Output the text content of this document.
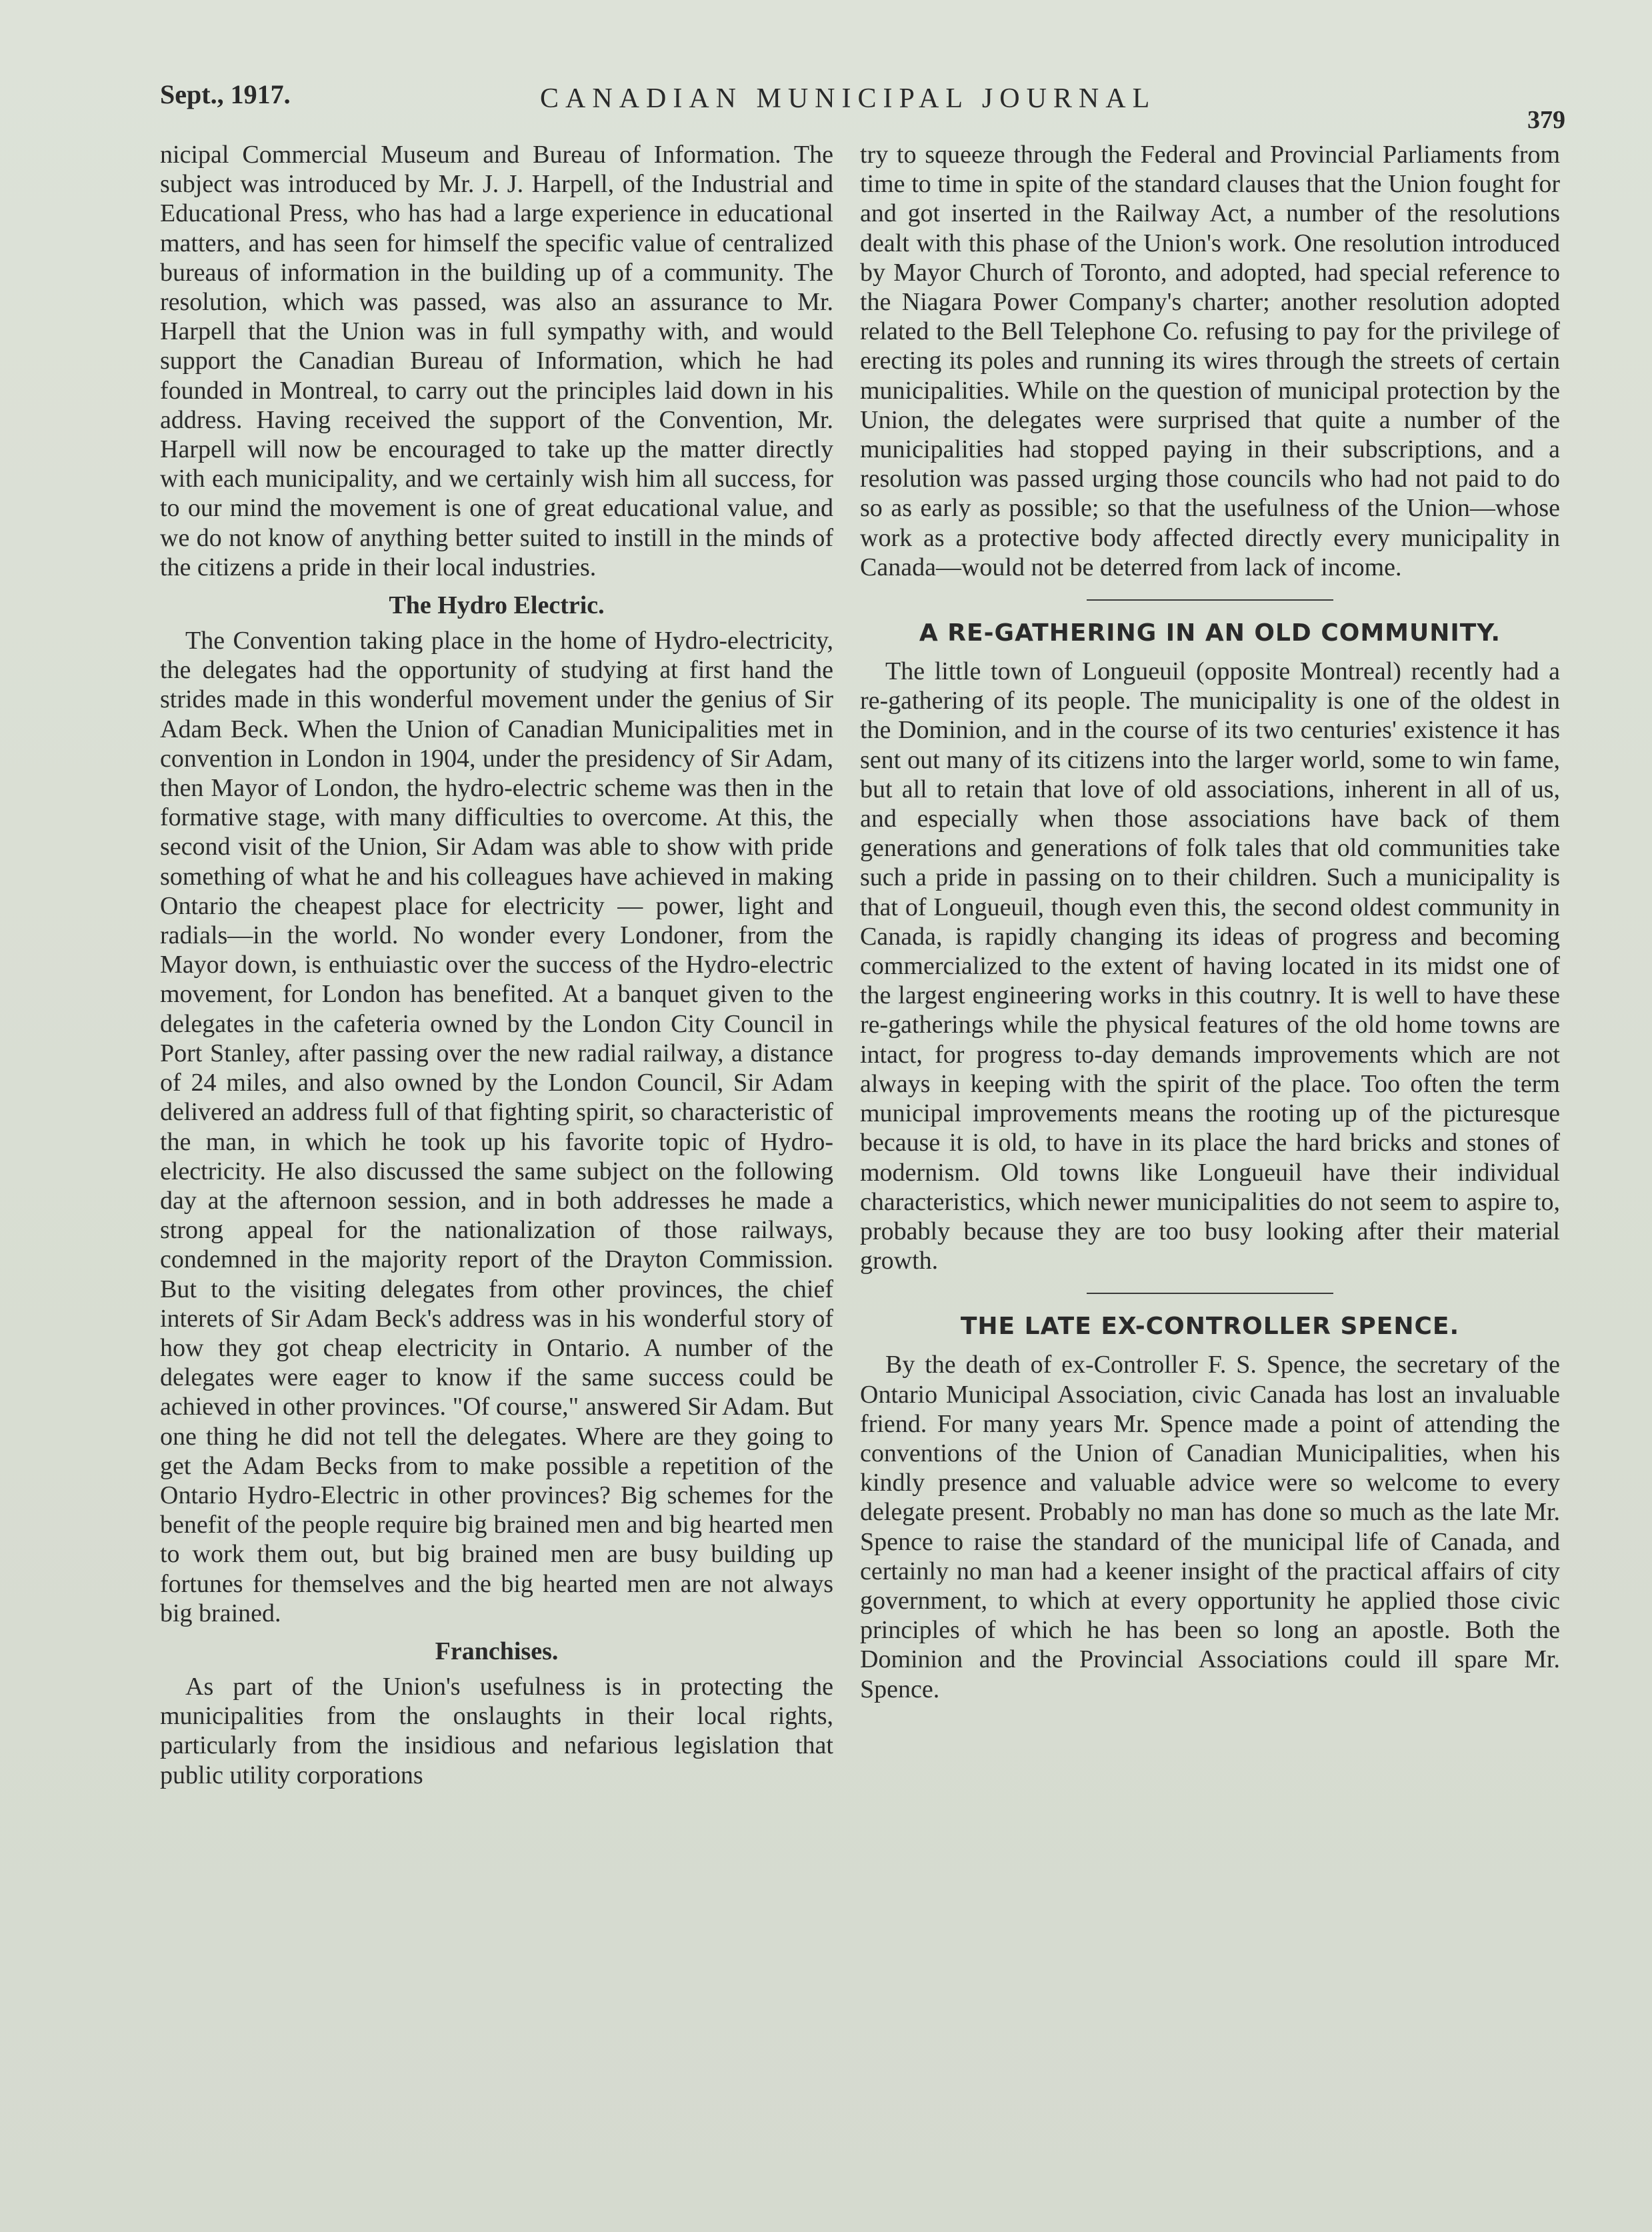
Sept., 1917.	CANADIAN MUNICIPAL JOURNAL
379

nicipal Commercial Museum and Bureau of Information. The subject was introduced by Mr. J. J. Harpell, of the Industrial and Educational Press, who has had a large experience in educational matters, and has seen for himself the specific value of centralized bureaus of information in the building up of a community. The resolution, which was passed, was also an assurance to Mr. Harpell that the Union was in full sympathy with, and would support the Canadian Bureau of Information, which he had founded in Montreal, to carry out the principles laid down in his address. Having received the support of the Convention, Mr. Harpell will now be encouraged to take up the matter directly with each municipality, and we certainly wish him all success, for to our mind the movement is one of great educational value, and we do not know of anything better suited to instill in the minds of the citizens a pride in their local industries.

The Hydro Electric.

The Convention taking place in the home of Hydro-electricity, the delegates had the opportunity of studying at first hand the strides made in this wonderful movement under the genius of Sir Adam Beck. When the Union of Canadian Municipalities met in convention in London in 1904, under the presidency of Sir Adam, then Mayor of London, the hydro-electric scheme was then in the formative stage, with many difficulties to overcome. At this, the second visit of the Union, Sir Adam was able to show with pride something of what he and his colleagues have achieved in making Ontario the cheapest place for electricity — power, light and radials—in the world. No wonder every Londoner, from the Mayor down, is enthuiastic over the success of the Hydro-electric movement, for London has benefited. At a banquet given to the delegates in the cafeteria owned by the London City Council in Port Stanley, after passing over the new radial railway, a distance of 24 miles, and also owned by the London Council, Sir Adam delivered an address full of that fighting spirit, so characteristic of the man, in which he took up his favorite topic of Hydro-electricity. He also discussed the same subject on the following day at the afternoon session, and in both addresses he made a strong appeal for the nationalization of those railways, condemned in the majority report of the Drayton Commission. But to the visiting delegates from other provinces, the chief interets of Sir Adam Beck's address was in his wonderful story of how they got cheap electricity in Ontario. A number of the delegates were eager to know if the same success could be achieved in other provinces. "Of course," answered Sir Adam. But one thing he did not tell the delegates. Where are they going to get the Adam Becks from to make possible a repetition of the Ontario Hydro-Electric in other provinces? Big schemes for the benefit of the people require big brained men and big hearted men to work them out, but big brained men are busy building up fortunes for themselves and the big hearted men are not always big brained.

Franchises.

As part of the Union's usefulness is in protecting the municipalities from the onslaughts in their local rights, particularly from the insidious and nefarious legislation that public utility corporations

try to squeeze through the Federal and Provincial Parliaments from time to time in spite of the standard clauses that the Union fought for and got inserted in the Railway Act, a number of the resolutions dealt with this phase of the Union's work. One resolution introduced by Mayor Church of Toronto, and adopted, had special reference to the Niagara Power Company's charter; another resolution adopted related to the Bell Telephone Co. refusing to pay for the privilege of erecting its poles and running its wires through the streets of certain municipalities. While on the question of municipal protection by the Union, the delegates were surprised that quite a number of the municipalities had stopped paying in their subscriptions, and a resolution was passed urging those councils who had not paid to do so as early as possible; so that the usefulness of the Union—whose work as a protective body affected directly every municipality in Canada—would not be deterred from lack of income.

A RE-GATHERING IN AN OLD COMMUNITY.

The little town of Longueuil (opposite Montreal) recently had a re-gathering of its people. The municipality is one of the oldest in the Dominion, and in the course of its two centuries' existence it has sent out many of its citizens into the larger world, some to win fame, but all to retain that love of old associations, inherent in all of us, and especially when those associations have back of them generations and generations of folk tales that old communities take such a pride in passing on to their children. Such a municipality is that of Longueuil, though even this, the second oldest community in Canada, is rapidly changing its ideas of progress and becoming commercialized to the extent of having located in its midst one of the largest engineering works in this coutnry. It is well to have these re-gatherings while the physical features of the old home towns are intact, for progress to-day demands improvements which are not always in keeping with the spirit of the place. Too often the term municipal improvements means the rooting up of the picturesque because it is old, to have in its place the hard bricks and stones of modernism. Old towns like Longueuil have their individual characteristics, which newer municipalities do not seem to aspire to, probably because they are too busy looking after their material growth.

THE LATE EX-CONTROLLER SPENCE.

By the death of ex-Controller F. S. Spence, the secretary of the Ontario Municipal Association, civic Canada has lost an invaluable friend. For many years Mr. Spence made a point of attending the conventions of the Union of Canadian Municipalities, when his kindly presence and valuable advice were so welcome to every delegate present. Probably no man has done so much as the late Mr. Spence to raise the standard of the municipal life of Canada, and certainly no man had a keener insight of the practical affairs of city government, to which at every opportunity he applied those civic principles of which he has been so long an apostle. Both the Dominion and the Provincial Associations could ill spare Mr. Spence.
